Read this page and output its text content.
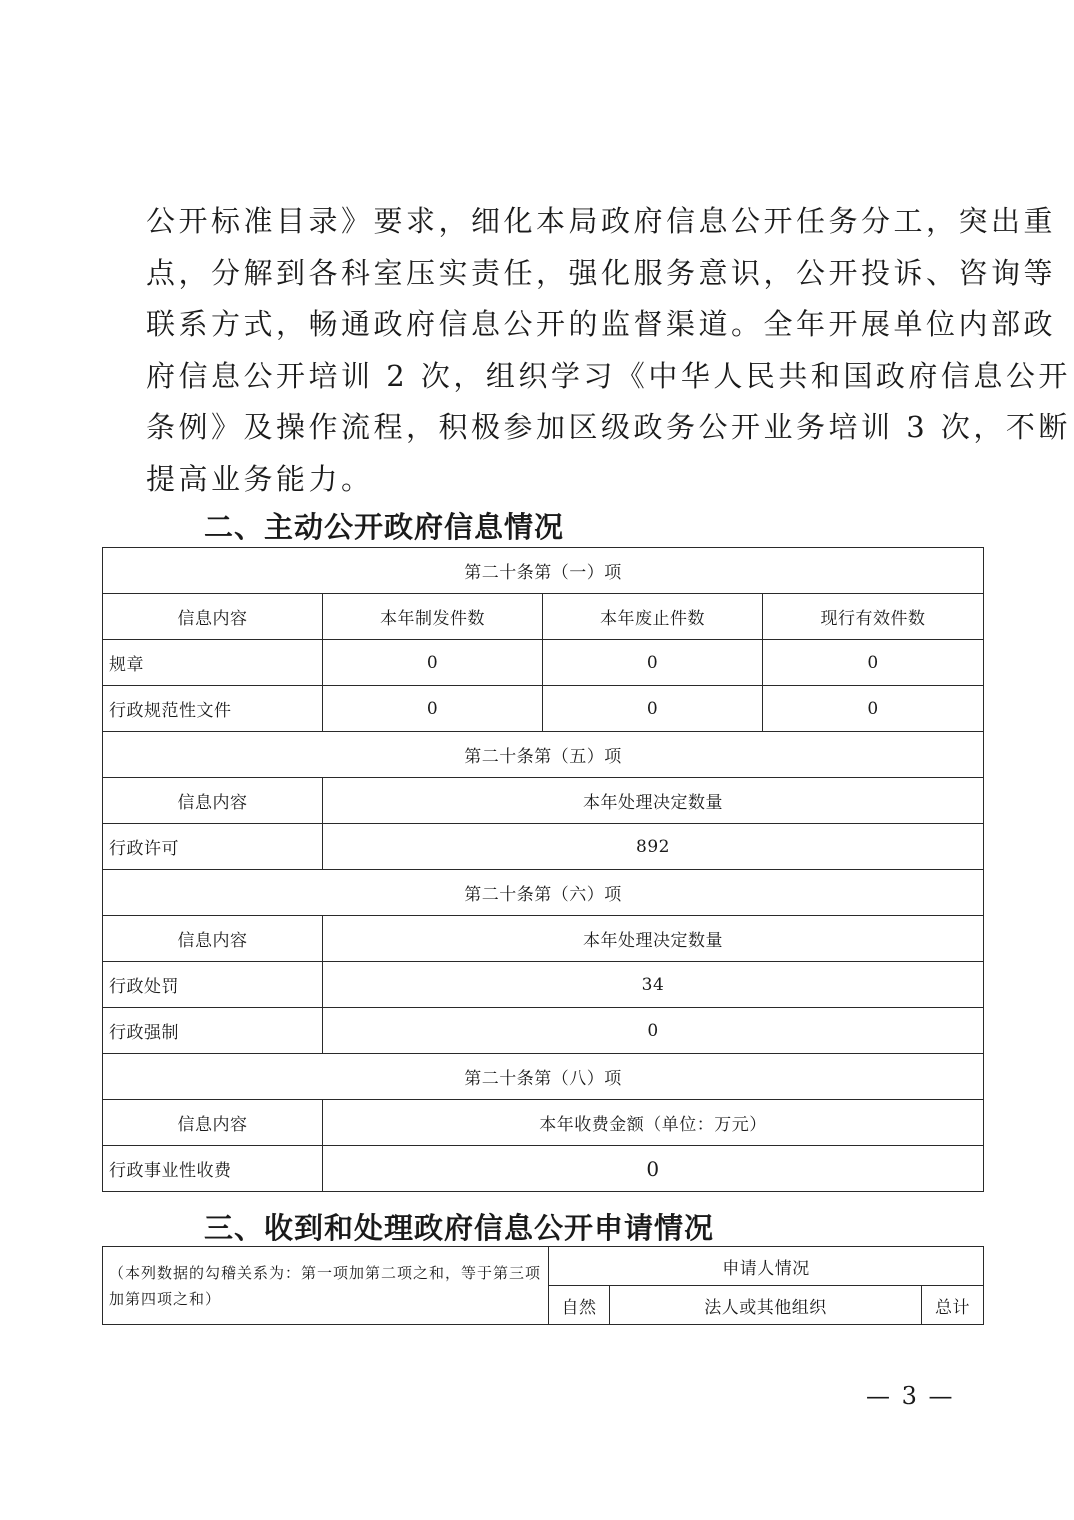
公开标准目录》要求，细化本局政府信息公开任务分工，突出重

点，分解到各科室压实责任，强化服务意识，公开投诉、咨询等

联系方式，畅通政府信息公开的监督渠道。全年开展单位内部政

府信息公开培训 2 次，组织学习《中华人民共和国政府信息公开

条例》及操作流程，积极参加区级政务公开业务培训 3 次，不断

提高业务能力。

二、主动公开政府信息情况
第二十条第（一）项			
信息内容	本年制发件数	本年废止件数	现行有效件数
规章	0	0	0
行政规范性文件	0	0	0
第二十条第（五）项			
信息内容	本年处理决定数量		
行政许可	892		
第二十条第（六）项			
信息内容	本年处理决定数量		
行政处罚	34		
行政强制	0		
第二十条第（八）项			
信息内容	本年收费金额（单位：万元）		
行政事业性收费	0		
三、收到和处理政府信息公开申请情况
（本列数据的勾稽关系为：第一项加第二项之和，等于第三项加第四项之和）	申请人情况		
	自然	法人或其他组织	总计
— 3 —
